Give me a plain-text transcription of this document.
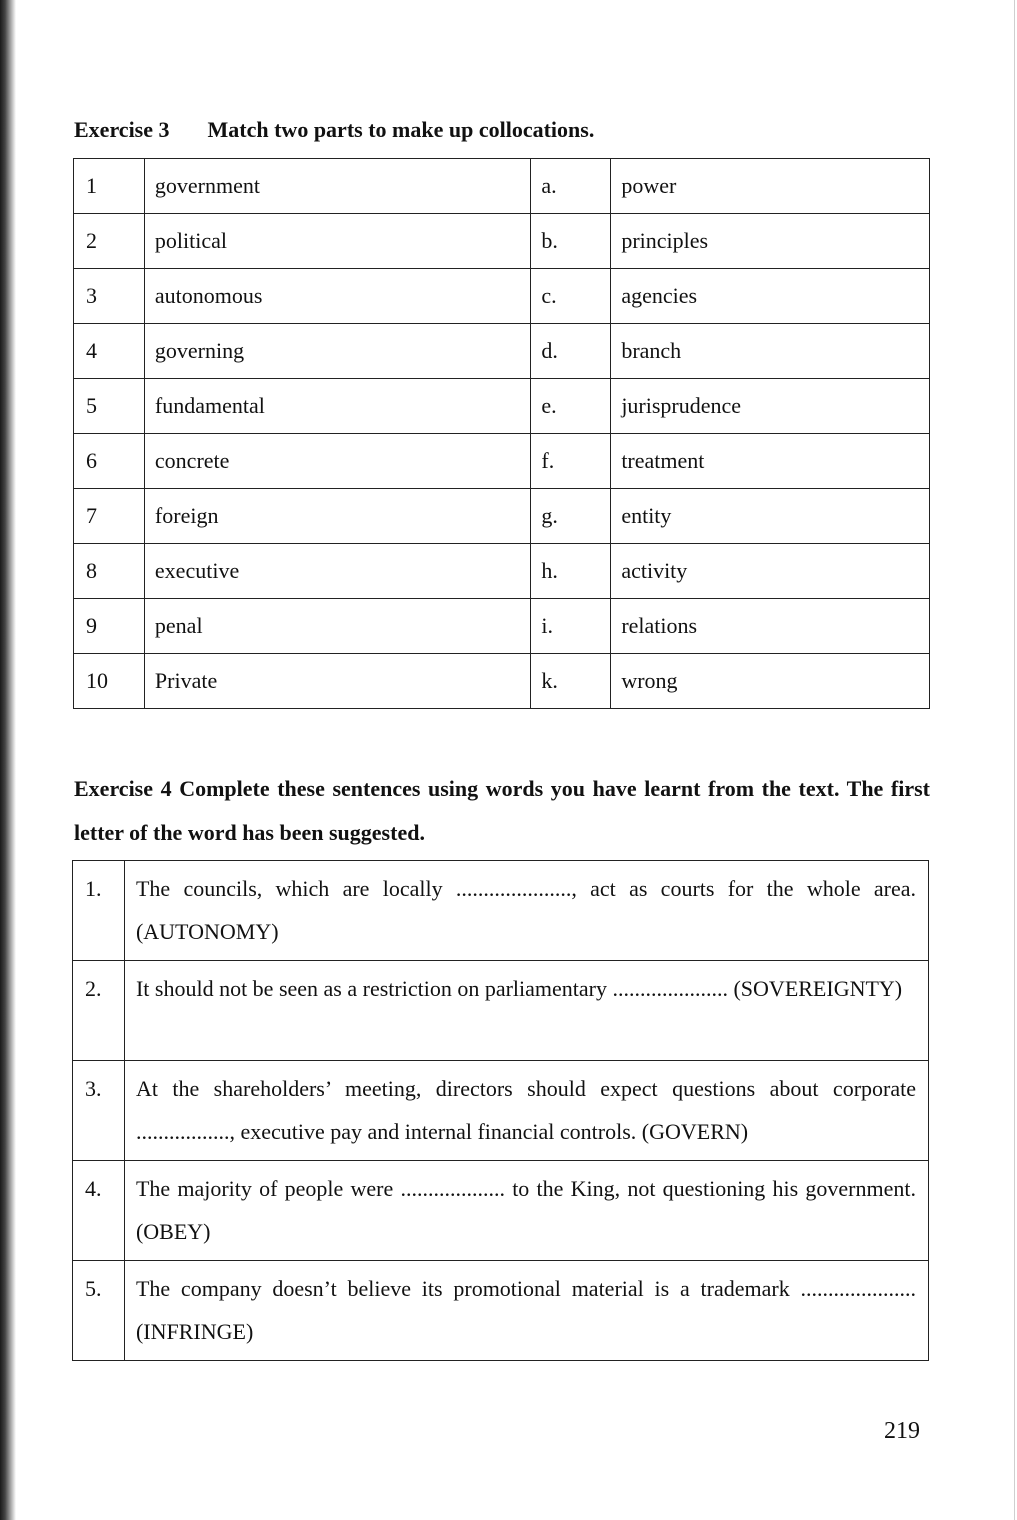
Exercise 3 Match two parts to make up collocations.
1	government	a.	power
2	political	b.	principles
3	autonomous	c.	agencies
4	governing	d.	branch
5	fundamental	e.	jurisprudence
6	concrete	f.	treatment
7	foreign	g.	entity
8	executive	h.	activity
9	penal	i.	relations
10	Private	k.	wrong
Exercise 4 Complete these sentences using words you have learnt from the text. The first letter of the word has been suggested.
1.	The councils, which are locally ....................., act as courts for the whole area. (AUTONOMY)
2.	It should not be seen as a restriction on parliamentary ..................... (SOVEREIGNTY)
3.	At the shareholders’ meeting, directors should expect questions about corporate ................., executive pay and internal financial controls. (GOVERN)
4.	The majority of people were ................... to the King, not questioning his government. (OBEY)
5.	The company doesn’t believe its promotional material is a trademark ..................... (INFRINGE)
219
